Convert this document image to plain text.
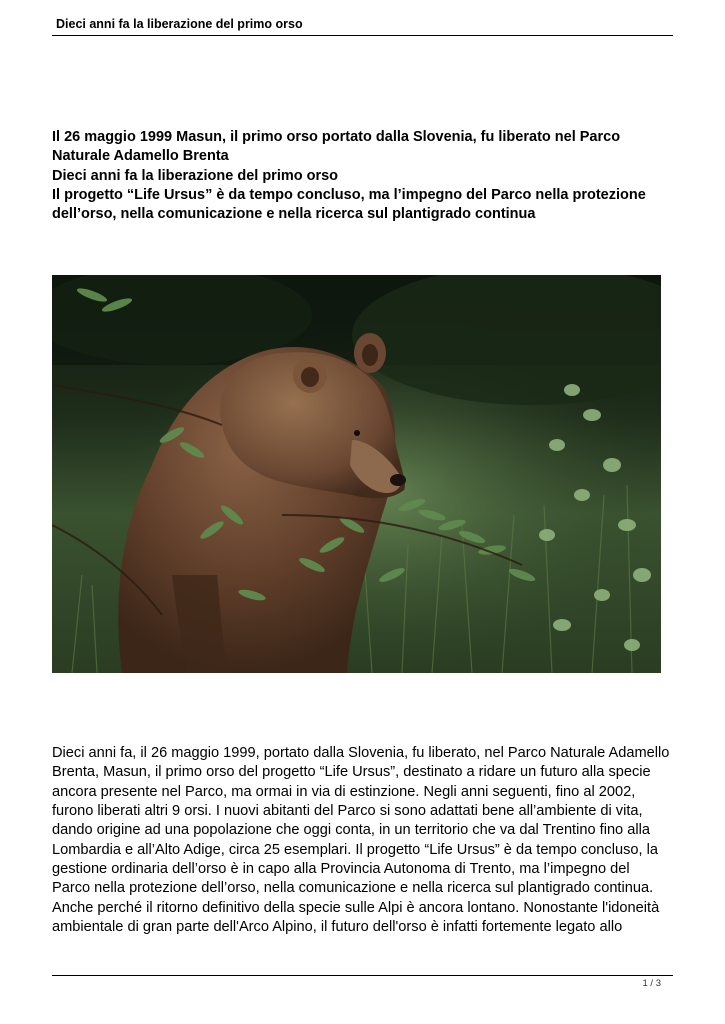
Dieci anni fa la liberazione del primo orso
Il 26 maggio 1999 Masun, il primo orso portato dalla Slovenia, fu liberato nel Parco
Naturale Adamello Brenta
Dieci anni fa la liberazione del primo orso
Il progetto “Life Ursus” è da tempo concluso, ma l’impegno del Parco nella protezione
dell’orso, nella comunicazione e nella ricerca sul plantigrado continua
Dieci anni fa, il 26 maggio 1999, portato dalla Slovenia, fu liberato, nel Parco Naturale Adamello
Brenta, Masun, il primo orso del progetto “Life Ursus”, destinato a ridare un futuro alla specie
ancora presente nel Parco, ma ormai in via di estinzione. Negli anni seguenti, fino al 2002,
furono liberati altri 9 orsi. I nuovi abitanti del Parco si sono adattati bene all’ambiente di vita,
dando origine ad una popolazione che oggi conta, in un territorio che va dal Trentino fino alla
Lombardia e all’Alto Adige, circa 25 esemplari. Il progetto “Life Ursus” è da tempo concluso, la
gestione ordinaria dell’orso è in capo alla Provincia Autonoma di Trento, ma l’impegno del
Parco nella protezione dell’orso, nella comunicazione e nella ricerca sul plantigrado continua.
Anche perché il ritorno definitivo della specie sulle Alpi è ancora lontano. Nonostante l'idoneità
ambientale di gran parte dell'Arco Alpino, il futuro dell'orso è infatti fortemente legato allo
1 / 3
